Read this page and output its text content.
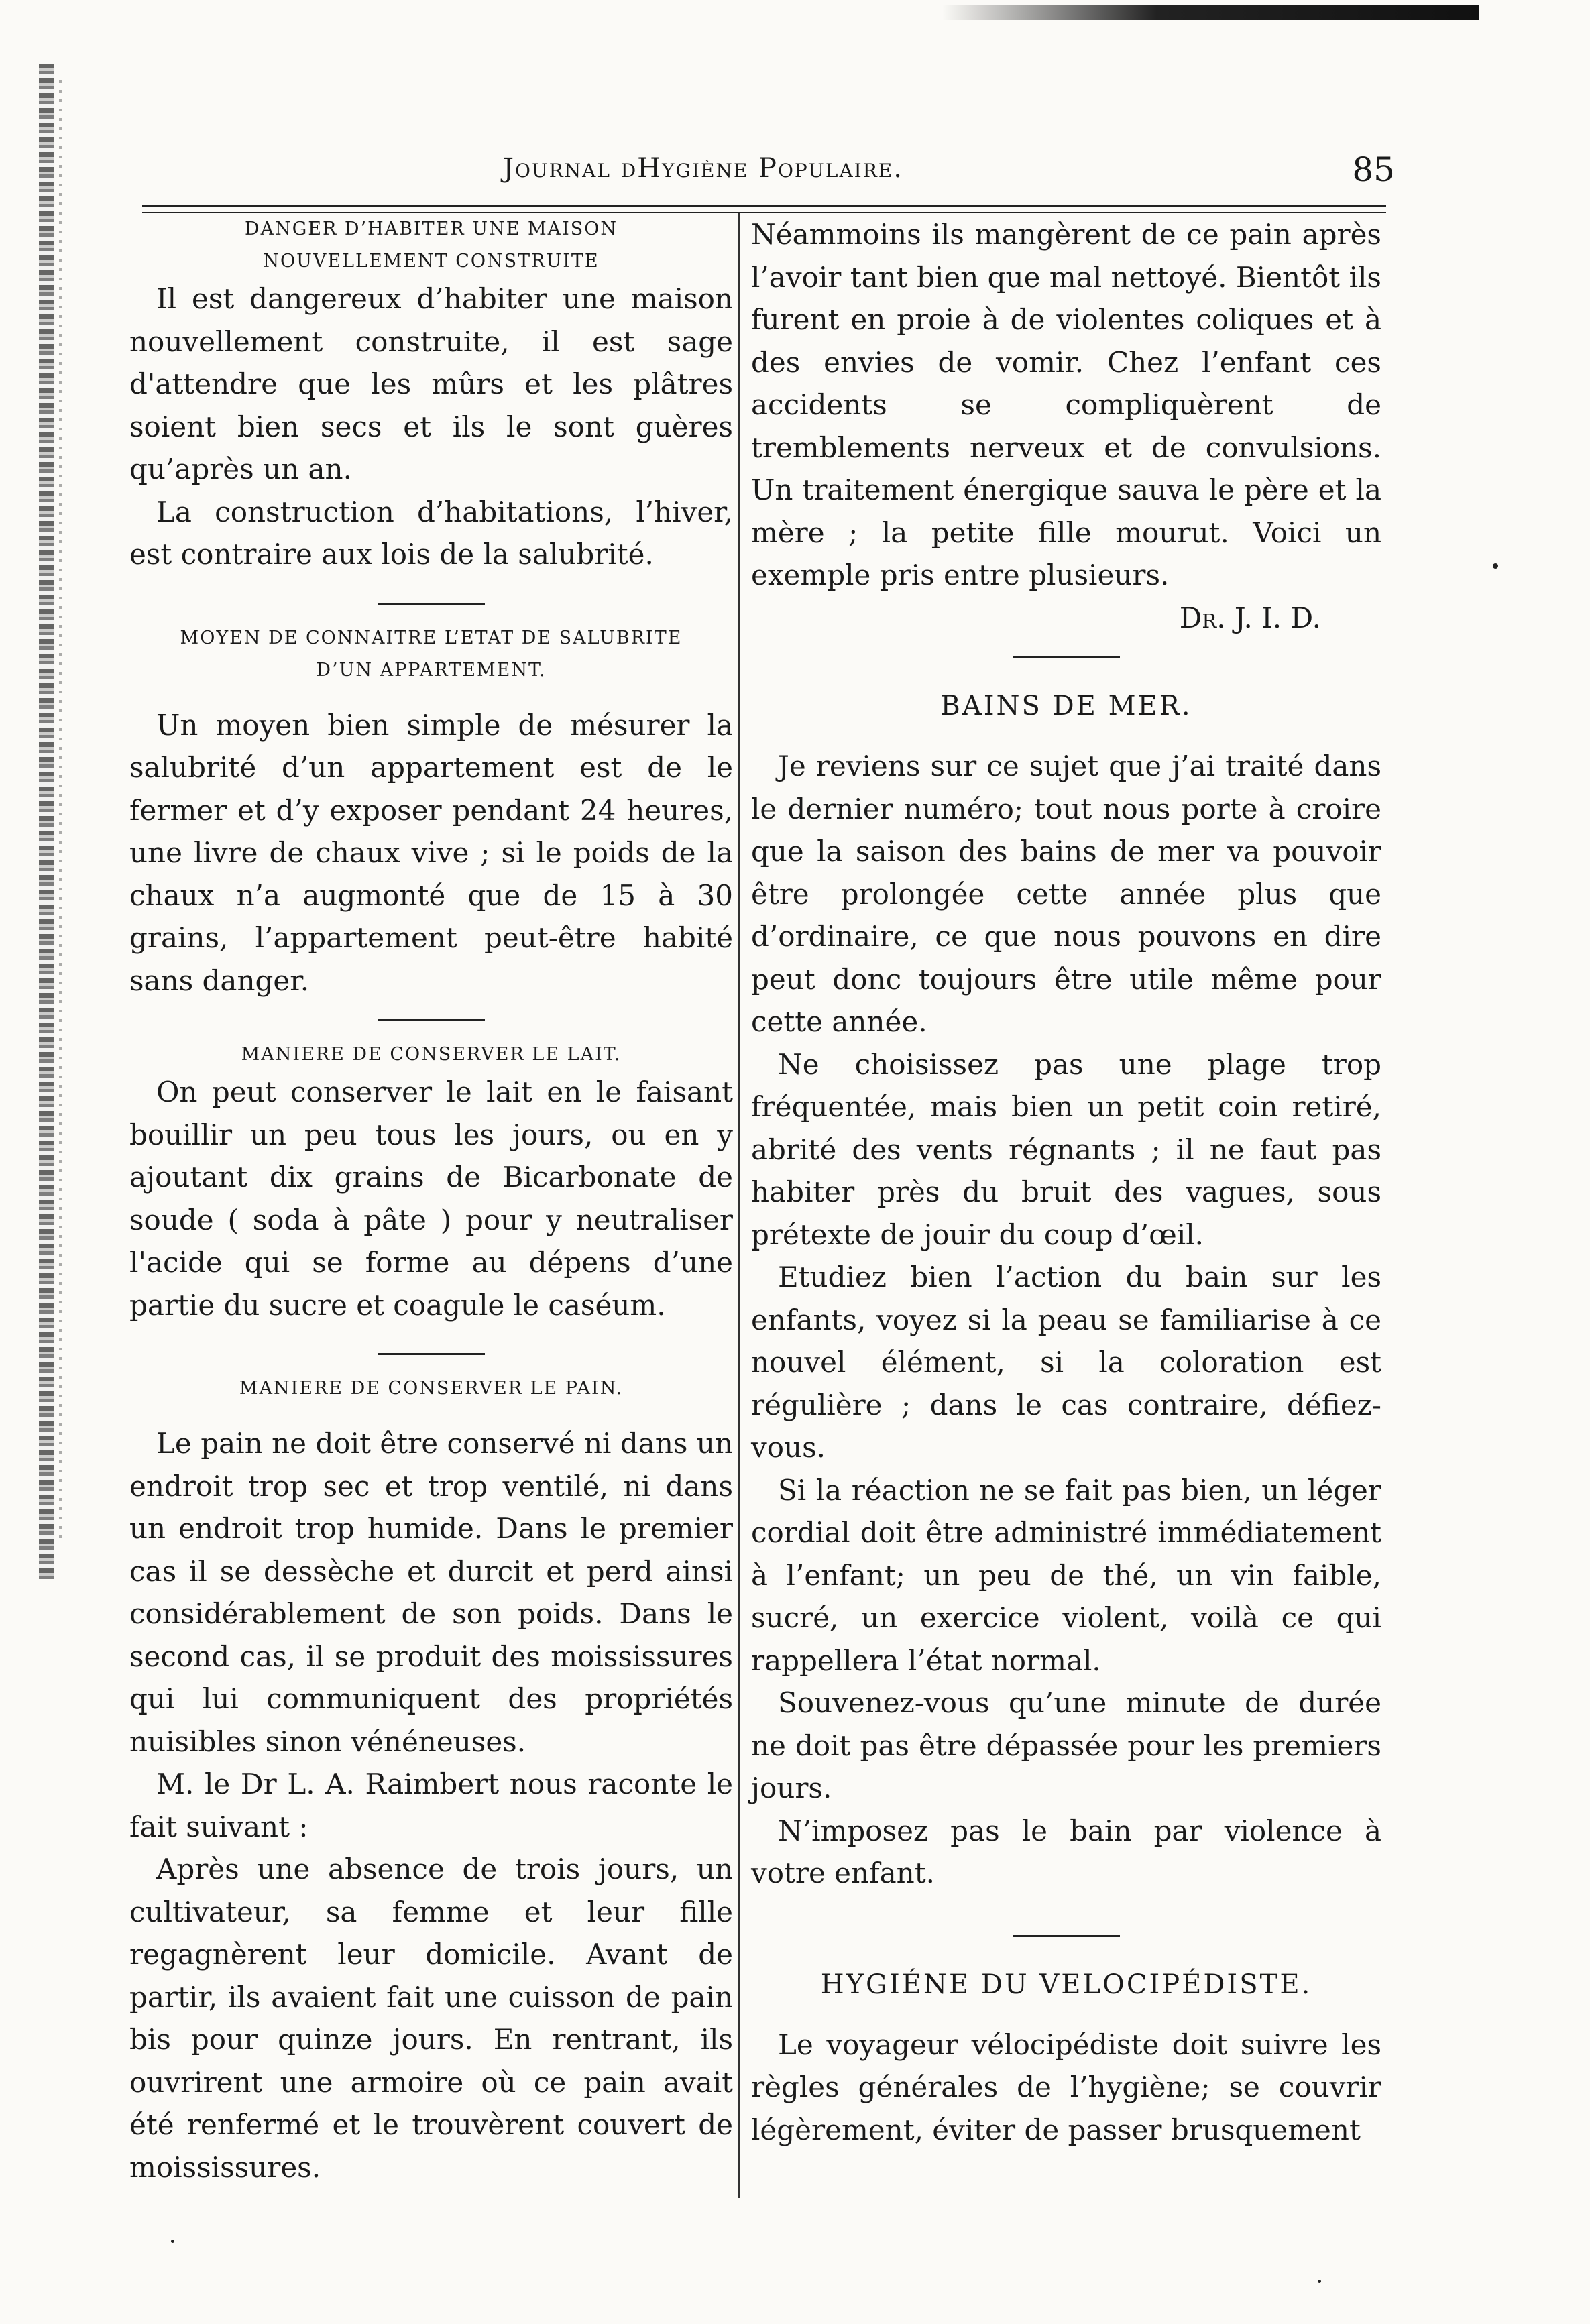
Journal dHygiène Populaire.	85
DANGER D’HABITER UNE MAISON
NOUVELLEMENT CONSTRUITE

Il est dangereux d’habiter une maison nouvellement construite, il est sage d'attendre que les mûrs et les plâtres soient bien secs et ils le sont guères qu’après un an.

La construction d’habitations, l’hiver, est contraire aux lois de la salubrité.

MOYEN DE CONNAITRE L’ETAT DE SALUBRITE
D’UN APPARTEMENT.

Un moyen bien simple de mésurer la salubrité d’un appartement est de le fermer et d’y exposer pendant 24 heures, une livre de chaux vive ; si le poids de la chaux n’a augmonté que de 15 à 30 grains, l’appartement peut-être habité sans danger.

MANIERE DE CONSERVER LE LAIT.

On peut conserver le lait en le faisant bouillir un peu tous les jours, ou en y ajoutant dix grains de Bicarbonate de soude ( soda à pâte ) pour y neutraliser l'acide qui se forme au dépens d’une partie du sucre et coagule le caséum.

MANIERE DE CONSERVER LE PAIN.

Le pain ne doit être conservé ni dans un endroit trop sec et trop ventilé, ni dans un endroit trop humide. Dans le premier cas il se dessèche et durcit et perd ainsi considérablement de son poids. Dans le second cas, il se produit des moississures qui lui communiquent des propriétés nuisibles sinon vénéneuses.

M. le Dr L. A. Raimbert nous raconte le fait suivant :

Après une absence de trois jours, un cultivateur, sa femme et leur fille regagnèrent leur domicile. Avant de partir, ils avaient fait une cuisson de pain bis pour quinze jours. En rentrant, ils ouvrirent une armoire où ce pain avait été renfermé et le trouvèrent couvert de moississures.

Néammoins ils mangèrent de ce pain après l’avoir tant bien que mal nettoyé. Bientôt ils furent en proie à de violentes coliques et à des envies de vomir. Chez l’enfant ces accidents se compliquèrent de tremblements nerveux et de convulsions. Un traitement énergique sauva le père et la mère ; la petite fille mourut. Voici un exemple pris entre plusieurs.

Dr. J. I. D.
BAINS DE MER.

Je reviens sur ce sujet que j’ai traité dans le dernier numéro; tout nous porte à croire que la saison des bains de mer va pouvoir être prolongée cette année plus que d’ordinaire, ce que nous pouvons en dire peut donc toujours être utile même pour cette année.

Ne choisissez pas une plage trop fréquentée, mais bien un petit coin retiré, abrité des vents régnants ; il ne faut pas habiter près du bruit des vagues, sous prétexte de jouir du coup d’œil.

Etudiez bien l’action du bain sur les enfants, voyez si la peau se familiarise à ce nouvel élément, si la coloration est régulière ; dans le cas contraire, défiez-vous.

Si la réaction ne se fait pas bien, un léger cordial doit être administré immédiatement à l’enfant; un peu de thé, un vin faible, sucré, un exercice violent, voilà ce qui rappellera l’état normal.

Souvenez-vous qu’une minute de durée ne doit pas être dépassée pour les premiers jours.

N’imposez pas le bain par violence à votre enfant.

HYGIÉNE DU VELOCIPÉDISTE.

Le voyageur vélocipédiste doit suivre les règles générales de l’hygiène; se couvrir légèrement, éviter de passer brusquement
